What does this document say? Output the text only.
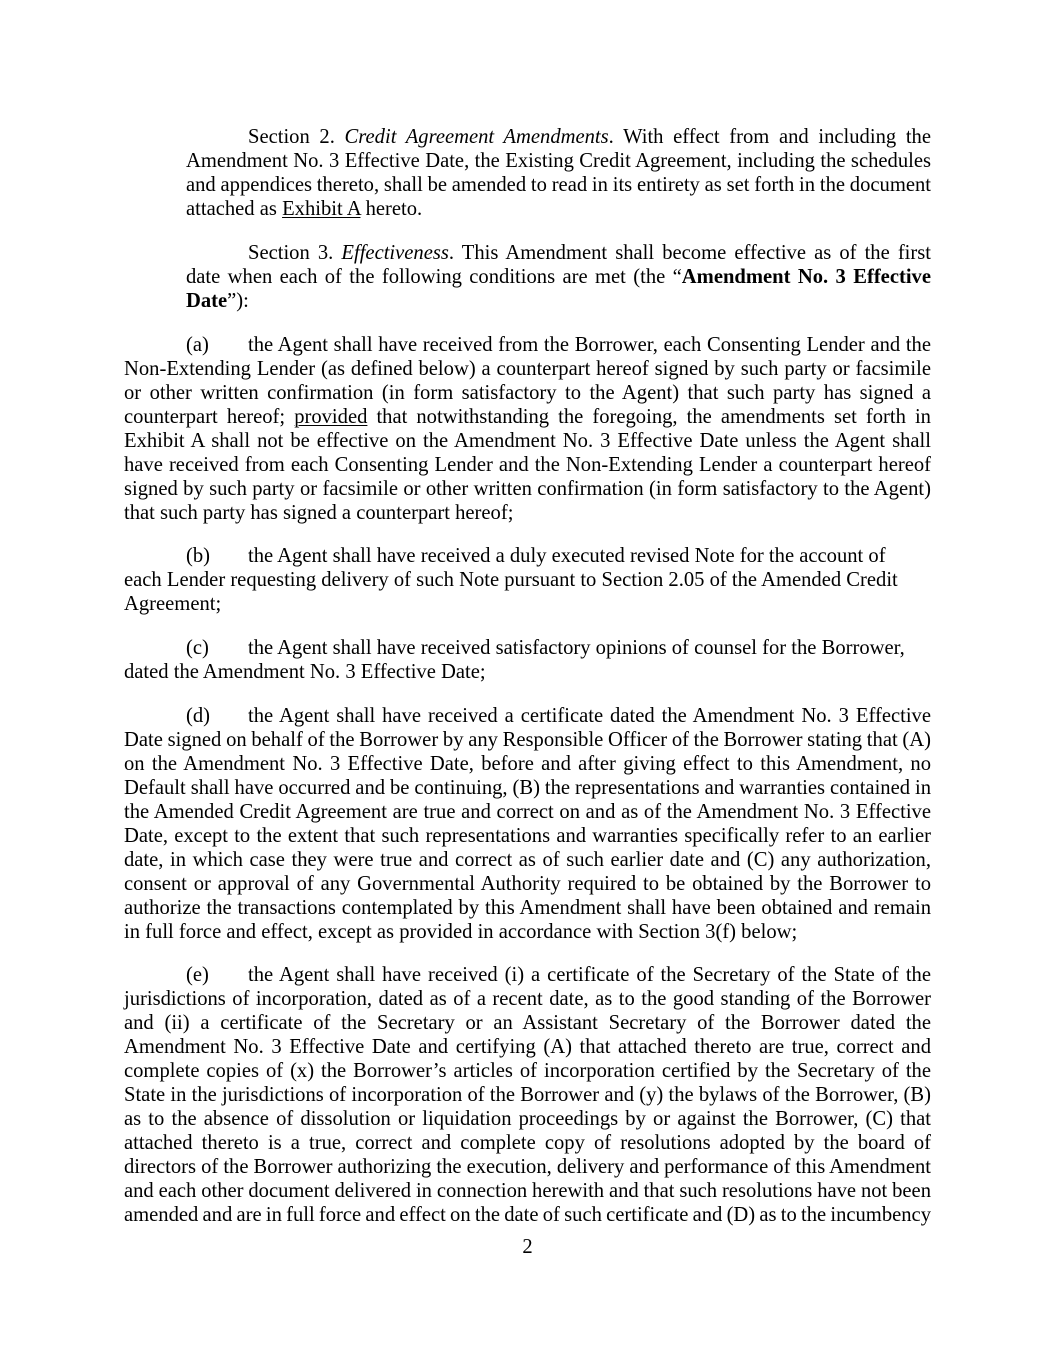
Section 2. Credit Agreement Amendments. With effect from and including the
Amendment No. 3 Effective Date, the Existing Credit Agreement, including the schedules
and appendices thereto, shall be amended to read in its entirety as set forth in the document
attached as Exhibit A hereto.
Section 3. Effectiveness. This Amendment shall become effective as of the first
date when each of the following conditions are met (the “Amendment No. 3 Effective
Date”):
(a) the Agent shall have received from the Borrower, each Consenting Lender and the
Non-Extending Lender (as defined below) a counterpart hereof signed by such party or facsimile
or other written confirmation (in form satisfactory to the Agent) that such party has signed a
counterpart hereof; provided that notwithstanding the foregoing, the amendments set forth in
Exhibit A shall not be effective on the Amendment No. 3 Effective Date unless the Agent shall
have received from each Consenting Lender and the Non-Extending Lender a counterpart hereof
signed by such party or facsimile or other written confirmation (in form satisfactory to the Agent)
that such party has signed a counterpart hereof;
(b) the Agent shall have received a duly executed revised Note for the account of
each Lender requesting delivery of such Note pursuant to Section 2.05 of the Amended Credit
Agreement;
(c) the Agent shall have received satisfactory opinions of counsel for the Borrower,
dated the Amendment No. 3 Effective Date;
(d) the Agent shall have received a certificate dated the Amendment No. 3 Effective
Date signed on behalf of the Borrower by any Responsible Officer of the Borrower stating that (A)
on the Amendment No. 3 Effective Date, before and after giving effect to this Amendment, no
Default shall have occurred and be continuing, (B) the representations and warranties contained in
the Amended Credit Agreement are true and correct on and as of the Amendment No. 3 Effective
Date, except to the extent that such representations and warranties specifically refer to an earlier
date, in which case they were true and correct as of such earlier date and (C) any authorization,
consent or approval of any Governmental Authority required to be obtained by the Borrower to
authorize the transactions contemplated by this Amendment shall have been obtained and remain
in full force and effect, except as provided in accordance with Section 3(f) below;
(e) the Agent shall have received (i) a certificate of the Secretary of the State of the
jurisdictions of incorporation, dated as of a recent date, as to the good standing of the Borrower
and (ii) a certificate of the Secretary or an Assistant Secretary of the Borrower dated the
Amendment No. 3 Effective Date and certifying (A) that attached thereto are true, correct and
complete copies of (x) the Borrower’s articles of incorporation certified by the Secretary of the
State in the jurisdictions of incorporation of the Borrower and (y) the bylaws of the Borrower, (B)
as to the absence of dissolution or liquidation proceedings by or against the Borrower, (C) that
attached thereto is a true, correct and complete copy of resolutions adopted by the board of
directors of the Borrower authorizing the execution, delivery and performance of this Amendment
and each other document delivered in connection herewith and that such resolutions have not been
amended and are in full force and effect on the date of such certificate and (D) as to the incumbency
2
